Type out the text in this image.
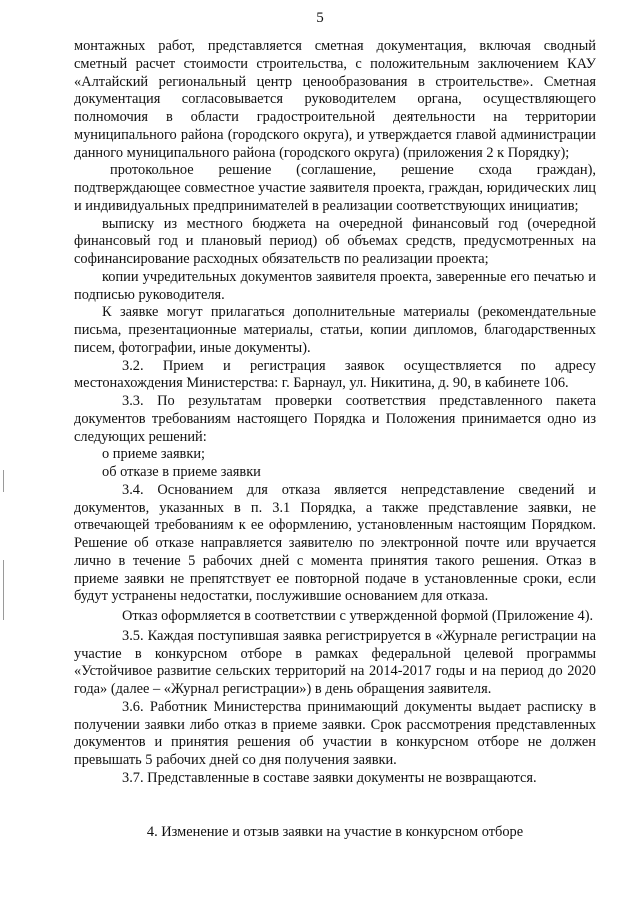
5

монтажных работ, представляется сметная документация, включая сводный сметный расчет стоимости строительства, с положительным заключением КАУ «Алтайский региональный центр ценообразования в строительстве». Сметная документация согласовывается руководителем органа, осуществляющего полномочия в области градостроительной деятельности на территории муниципального района (городского округа), и утверждается главой администрации данного муниципального района (городского округа) (приложения 2 к Порядку);

протокольное решение (соглашение, решение схода граждан), подтверждающее совместное участие заявителя проекта, граждан, юридических лиц и индивидуальных предпринимателей в реализации соответствующих инициатив;

выписку из местного бюджета на очередной финансовый год (очередной финансовый год и плановый период) об объемах средств, предусмотренных на софинансирование расходных обязательств по реализации проекта;

копии учредительных документов заявителя проекта, заверенные его печатью и подписью руководителя.

К заявке могут прилагаться дополнительные материалы (рекомендательные письма, презентационные материалы, статьи, копии дипломов, благодарственных писем, фотографии, иные документы).

3.2. Прием и регистрация заявок осуществляется по адресу местонахождения Министерства: г. Барнаул, ул. Никитина, д. 90, в кабинете 106.

3.3. По результатам проверки соответствия представленного пакета документов требованиям настоящего Порядка и Положения принимается одно из следующих решений:

о приеме заявки;

об отказе в приеме заявки

3.4. Основанием для отказа является непредставление сведений и документов, указанных в п. 3.1 Порядка, а также представление заявки, не отвечающей требованиям к ее оформлению, установленным настоящим Порядком. Решение об отказе направляется заявителю по электронной почте или вручается лично в течение 5 рабочих дней с момента принятия такого решения. Отказ в приеме заявки не препятствует ее повторной подаче в установленные сроки, если будут устранены недостатки, послужившие основанием для отказа.

Отказ оформляется в соответствии с утвержденной формой (Приложение 4).

3.5. Каждая поступившая заявка регистрируется в «Журнале регистрации на участие в конкурсном отборе в рамках федеральной целевой программы «Устойчивое развитие сельских территорий на 2014-2017 годы и на период до 2020 года» (далее – «Журнал регистрации») в день обращения заявителя.

3.6. Работник Министерства принимающий документы выдает расписку в получении заявки либо отказ в приеме заявки. Срок рассмотрения представленных документов и принятия решения об участии в конкурсном отборе не должен превышать 5 рабочих дней со дня получения заявки.

3.7. Представленные в составе заявки документы не возвращаются.

4. Изменение и отзыв заявки на участие в конкурсном отборе
